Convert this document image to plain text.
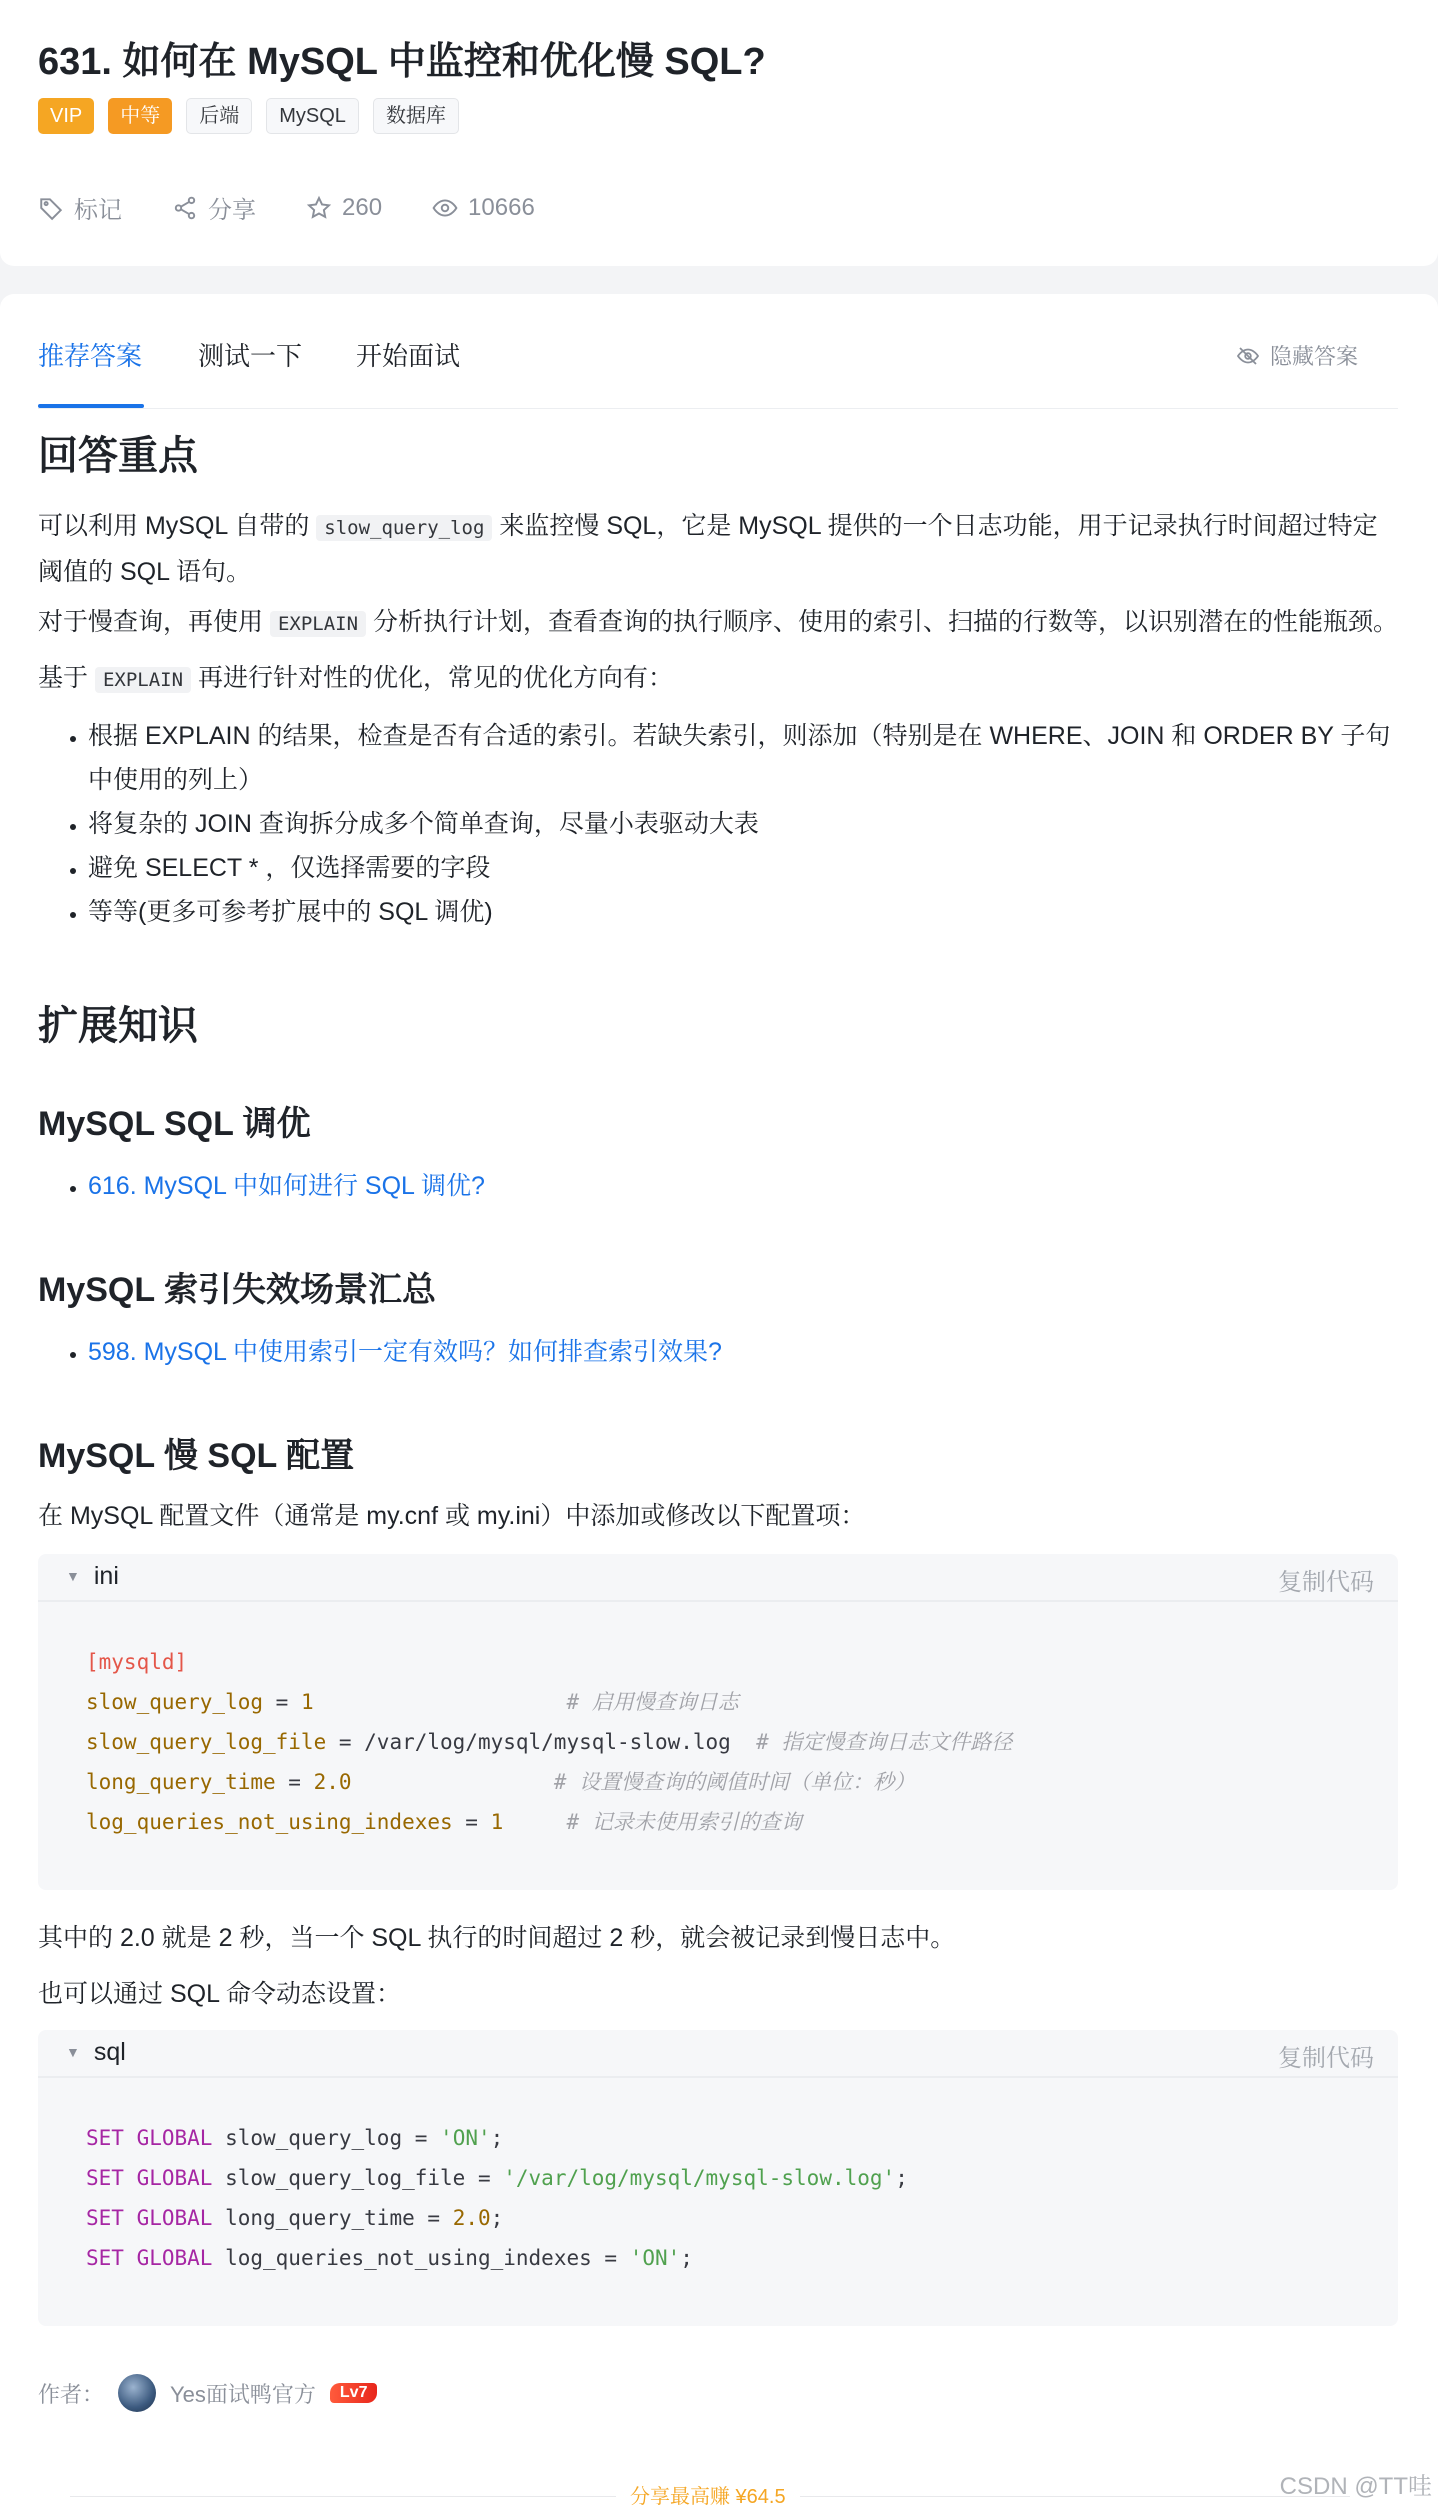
631. 如何在 MySQL 中监控和优化慢 SQL?
VIP	中等	后端	MySQL	数据库
标记	分享	260	10666
推荐答案 测试一下 开始面试	隐藏答案
回答重点
可以利用 MySQL 自带的 slow_query_log 来监控慢 SQL，它是 MySQL 提供的一个日志功能，用于记录执行时间超过特定阈值的 SQL 语句。
对于慢查询，再使用 EXPLAIN 分析执行计划，查看查询的执行顺序、使用的索引、扫描的行数等，以识别潜在的性能瓶颈。
基于 EXPLAIN 再进行针对性的优化，常见的优化方向有：
• 根据 EXPLAIN 的结果，检查是否有合适的索引。若缺失索引，则添加（特别是在 WHERE、JOIN 和 ORDER BY 子句中使用的列上）
• 将复杂的 JOIN 查询拆分成多个简单查询，尽量小表驱动大表
• 避免 SELECT * ，仅选择需要的字段
• 等等(更多可参考扩展中的 SQL 调优)
扩展知识
MySQL SQL 调优
• 616. MySQL 中如何进行 SQL 调优?
MySQL 索引失效场景汇总
• 598. MySQL 中使用索引一定有效吗？如何排查索引效果?
MySQL 慢 SQL 配置
在 MySQL 配置文件（通常是 my.cnf 或 my.ini）中添加或修改以下配置项：
▼ ini	复制代码
[mysqld]
slow_query_log = 1	# 启用慢查询日志
slow_query_log_file = /var/log/mysql/mysql-slow.log # 指定慢查询日志文件路径
long_query_time = 2.0	# 设置慢查询的阈值时间（单位：秒）
log_queries_not_using_indexes = 1	# 记录未使用索引的查询
其中的 2.0 就是 2 秒，当一个 SQL 执行的时间超过 2 秒，就会被记录到慢日志中。
也可以通过 SQL 命令动态设置：
▼ sql	复制代码
SET GLOBAL slow_query_log = 'ON';
SET GLOBAL slow_query_log_file = '/var/log/mysql/mysql-slow.log';
SET GLOBAL long_query_time = 2.0;
SET GLOBAL log_queries_not_using_indexes = 'ON';
作者：	Yes面试鸭官方	Lv7
分享最高赚 ¥64.5	CSDN @TT哇
